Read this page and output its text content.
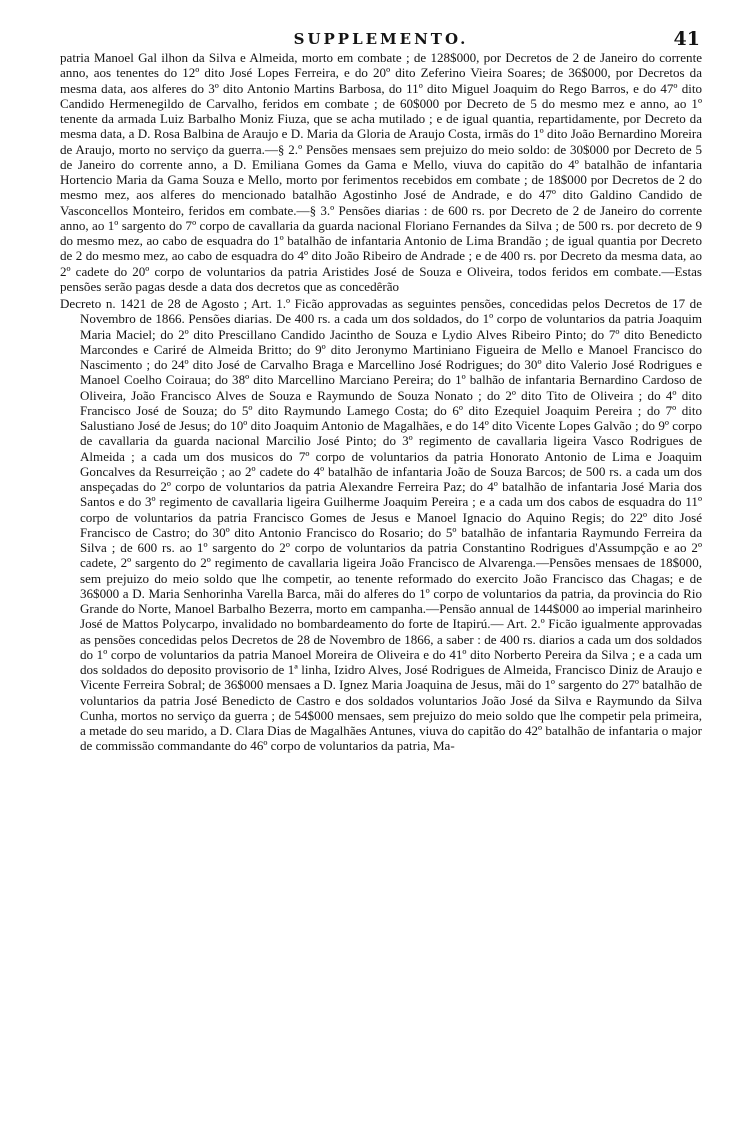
SUPPLEMENTO.	41

patria Manoel Gal ilhon da Silva e Almeida, morto em combate ; de 128$000, por Decretos de 2 de Janeiro do corrente anno, aos tenentes do 12º dito José Lopes Ferreira, e do 20º dito Zeferino Vieira Soares; de 36$000, por Decretos da mesma data, aos alferes do 3º dito Antonio Martins Barbosa, do 11º dito Miguel Joaquim do Rego Barros, e do 47º dito Candido Hermenegildo de Carvalho, feridos em combate ; de 60$000 por Decreto de 5 do mesmo mez e anno, ao 1º tenente da armada Luiz Barbalho Moniz Fiuza, que se acha mutilado ; e de igual quantia, repartidamente, por Decreto da mesma data, a D. Rosa Balbina de Araujo e D. Maria da Gloria de Araujo Costa, irmãs do 1º dito João Bernardino Moreira de Araujo, morto no serviço da guerra.—§ 2.º Pensões mensaes sem prejuizo do meio soldo: de 30$000 por Decreto de 5 de Janeiro do corrente anno, a D. Emiliana Gomes da Gama e Mello, viuva do capitão do 4º batalhão de infantaria Hortencio Maria da Gama Souza e Mello, morto por ferimentos recebidos em combate ; de 18$000 por Decretos de 2 do mesmo mez, aos alferes do mencionado batalhão Agostinho José de Andrade, e do 47º dito Galdino Candido de Vasconcellos Monteiro, feridos em combate.—§ 3.º Pensões diarias : de 600 rs. por Decreto de 2 de Janeiro do corrente anno, ao 1º sargento do 7º corpo de cavallaria da guarda nacional Floriano Fernandes da Silva ; de 500 rs. por decreto de 9 do mesmo mez, ao cabo de esquadra do 1º batalhão de infantaria Antonio de Lima Brandão ; de igual quantia por Decreto de 2 do mesmo mez, ao cabo de esquadra do 4º dito João Ribeiro de Andrade ; e de 400 rs. por Decreto da mesma data, ao 2º cadete do 20º corpo de voluntarios da patria Aristides José de Souza e Oliveira, todos feridos em combate.—Estas pensões serão pagas desde a data dos decretos que as concedêrão

Decreto n. 1421 de 28 de Agosto ; Art. 1.º Ficão approvadas as seguintes pensões, concedidas pelos Decretos de 17 de Novembro de 1866. Pensões diarias. De 400 rs. a cada um dos soldados, do 1º corpo de voluntarios da patria Joaquim Maria Maciel; do 2º dito Prescillano Candido Jacintho de Souza e Lydio Alves Ribeiro Pinto; do 7º dito Benedicto Marcondes e Cariré de Almeida Britto; do 9º dito Jeronymo Martiniano Figueira de Mello e Manoel Francisco do Nascimento ; do 24º dito José de Carvalho Braga e Marcellino José Rodrigues; do 30º dito Valerio José Rodrigues e Manoel Coelho Coiraua; do 38º dito Marcellino Marciano Pereira; do 1º balhão de infantaria Bernardino Cardoso de Oliveira, João Francisco Alves de Souza e Raymundo de Souza Nonato ; do 2º dito Tito de Oliveira ; do 4º dito Francisco José de Souza; do 5º dito Raymundo Lamego Costa; do 6º dito Ezequiel Joaquim Pereira ; do 7º dito Salustiano José de Jesus; do 10º dito Joaquim Antonio de Magalhães, e do 14º dito Vicente Lopes Galvão ; do 9º corpo de cavallaria da guarda nacional Marcilio José Pinto; do 3º regimento de cavallaria ligeira Vasco Rodrigues de Almeida ; a cada um dos musicos do 7º corpo de voluntarios da patria Honorato Antonio de Lima e Joaquim Goncalves da Resurreição ; ao 2º cadete do 4º batalhão de infantaria João de Souza Barcos; de 500 rs. a cada um dos anspeçadas do 2º corpo de voluntarios da patria Alexandre Ferreira Paz; do 4º batalhão de infantaria José Maria dos Santos e do 3º regimento de cavallaria ligeira Guilherme Joaquim Pereira ; e a cada um dos cabos de esquadra do 11º corpo de voluntarios da patria Francisco Gomes de Jesus e Manoel Ignacio do Aquino Regis; do 22º dito José Francisco de Castro; do 30º dito Antonio Francisco do Rosario; do 5º batalhão de infantaria Raymundo Ferreira da Silva ; de 600 rs. ao 1º sargento do 2º corpo de voluntarios da patria Constantino Rodrigues d'Assumpção e ao 2º cadete, 2º sargento do 2º regimento de cavallaria ligeira João Francisco de Alvarenga.—Pensões mensaes de 18$000, sem prejuizo do meio soldo que lhe competir, ao tenente reformado do exercito João Francisco das Chagas; e de 36$000 a D. Maria Senhorinha Varella Barca, mãi do alferes do 1º corpo de voluntarios da patria, da provincia do Rio Grande do Norte, Manoel Barbalho Bezerra, morto em campanha.—Pensão annual de 144$000 ao imperial marinheiro José de Mattos Polycarpo, invalidado no bombardeamento do forte de Itapirú.— Art. 2.º Ficão igualmente approvadas as pensões concedidas pelos Decretos de 28 de Novembro de 1866, a saber : de 400 rs. diarios a cada um dos soldados do 1º corpo de voluntarios da patria Manoel Moreira de Oliveira e do 41º dito Norberto Pereira da Silva ; e a cada um dos soldados do deposito provisorio de 1ª linha, Izidro Alves, José Rodrigues de Almeida, Francisco Diniz de Araujo e Vicente Ferreira Sobral; de 36$000 mensaes a D. Ignez Maria Joaquina de Jesus, mãi do 1º sargento do 27º batalhão de voluntarios da patria José Benedicto de Castro e dos soldados voluntarios João José da Silva e Raymundo da Silva Cunha, mortos no serviço da guerra ; de 54$000 mensaes, sem prejuizo do meio soldo que lhe competir pela primeira, a metade do seu marido, a D. Clara Dias de Magalhães Antunes, viuva do capitão do 42º batalhão de infantaria o major de commissão commandante do 46º corpo de voluntarios da patria, Ma-
